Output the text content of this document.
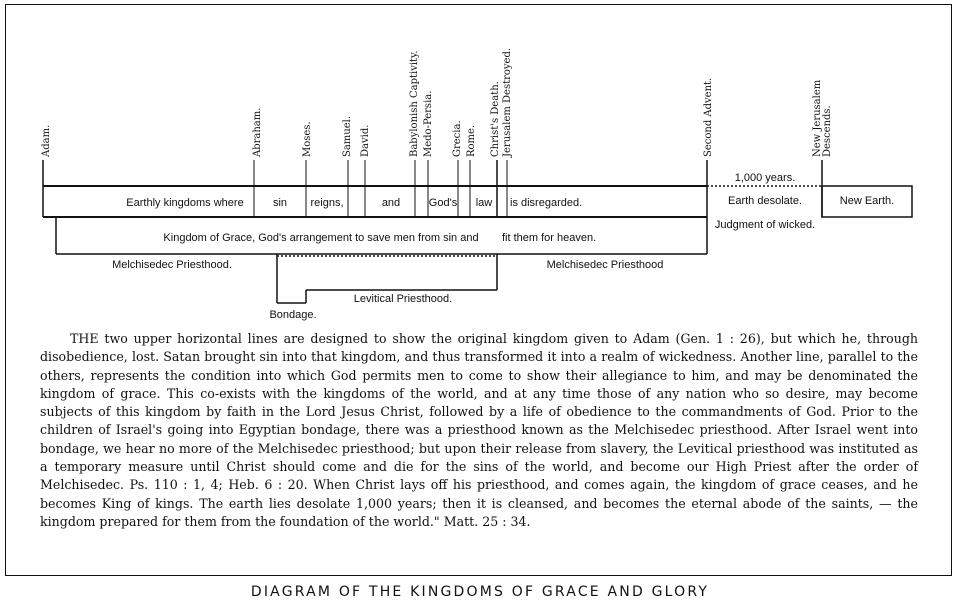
Adam.	Abraham.	Moses.	Samuel. David.	Babylonish Captivity. Medo-Persia. Grecia. Rome. Christ's Death. Jerusalem Destroyed.	Second Advent.	New Jerusalem Descends.
Earthly kingdoms where	sin reigns,	and	God's law is disregarded.
1,000 years.
Earth desolate.	New Earth.
Judgment of wicked.
Kingdom of Grace, God's arrangement to save men from sin and fit them for heaven.
Melchisedec Priesthood.	Melchisedec Priesthood
Bondage.
Levitical Priesthood.

THE two upper horizontal lines are designed to show the original kingdom given to Adam (Gen. 1 : 26), but which he, through disobedience, lost. Satan brought sin into that kingdom, and thus transformed it into a realm of wickedness. Another line, parallel to the others, represents the condition into which God permits men to come to show their allegiance to him, and may be denominated the kingdom of grace. This co-exists with the kingdoms of the world, and at any time those of any nation who so desire, may become subjects of this kingdom by faith in the Lord Jesus Christ, followed by a life of obedience to the commandments of God. Prior to the children of Israel's going into Egyptian bondage, there was a priesthood known as the Melchisedec priesthood. After Israel went into bondage, we hear no more of the Melchisedec priesthood; but upon their release from slavery, the Levitical priesthood was instituted as a temporary measure until Christ should come and die for the sins of the world, and become our High Priest after the order of Melchisedec. Ps. 110 : 1, 4; Heb. 6 : 20. When Christ lays off his priesthood, and comes again, the kingdom of grace ceases, and he becomes King of kings. The earth lies desolate 1,000 years; then it is cleansed, and becomes the eternal abode of the saints, — the kingdom prepared for them from the foundation of the world." Matt. 25 : 34.

DIAGRAM OF THE KINGDOMS OF GRACE AND GLORY
